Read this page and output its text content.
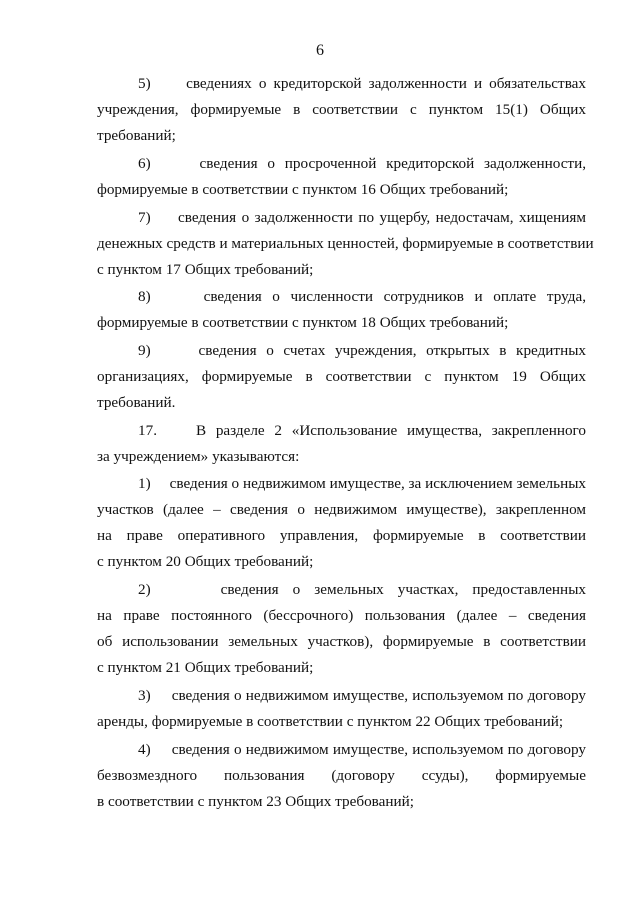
6
5)     сведениях о кредиторской задолженности и обязательствах
учреждения, формируемые в соответствии с пунктом 15(1) Общих
требований;
6)     сведения о просроченной кредиторской задолженности,
формируемые в соответствии с пунктом 16 Общих требований;
7)     сведения о задолженности по ущербу, недостачам, хищениям
денежных средств и материальных ценностей, формируемые в соответствии
с пунктом 17 Общих требований;
8)     сведения о численности сотрудников и оплате труда,
формируемые в соответствии с пунктом 18 Общих требований;
9)     сведения о счетах учреждения, открытых в кредитных
организациях, формируемые в соответствии с пунктом 19 Общих
требований.
17.    В разделе 2 «Использование имущества, закрепленного
за учреждением» указываются:
1)     сведения о недвижимом имуществе, за исключением земельных
участков (далее – сведения о недвижимом имуществе), закрепленном
на праве оперативного управления, формируемые в соответствии
с пунктом 20 Общих требований;
2)     сведения о земельных участках, предоставленных
на праве постоянного (бессрочного) пользования (далее – сведения
об использовании земельных участков), формируемые в соответствии
с пунктом 21 Общих требований;
3)     сведения о недвижимом имуществе, используемом по договору
аренды, формируемые в соответствии с пунктом 22 Общих требований;
4)     сведения о недвижимом имуществе, используемом по договору
безвозмездного пользования (договору ссуды), формируемые
в соответствии с пунктом 23 Общих требований;
